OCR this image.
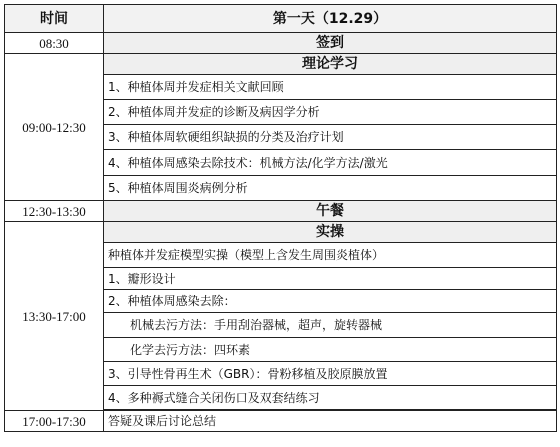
时间	第一天（12.29）
08:30	签到
09:00-12:30	理论学习
	1、种植体周并发症相关文献回顾
	2、种植体周并发症的诊断及病因学分析
	3、种植体周软硬组织缺损的分类及治疗计划
	4、种植体周感染去除技术：机械方法/化学方法/激光
	5、种植体周围炎病例分析
12:30-13:30	午餐
13:30-17:00	实操
	种植体并发症模型实操（模型上含发生周围炎植体）
	1、瓣形设计
	2、种植体周感染去除：
	机械去污方法：手用刮治器械，超声，旋转器械
	化学去污方法：四环素
	3、引导性骨再生术（GBR）：骨粉移植及胶原膜放置
	4、多种褥式缝合关闭伤口及双套结练习

17:00-17:30	答疑及课后讨论总结
